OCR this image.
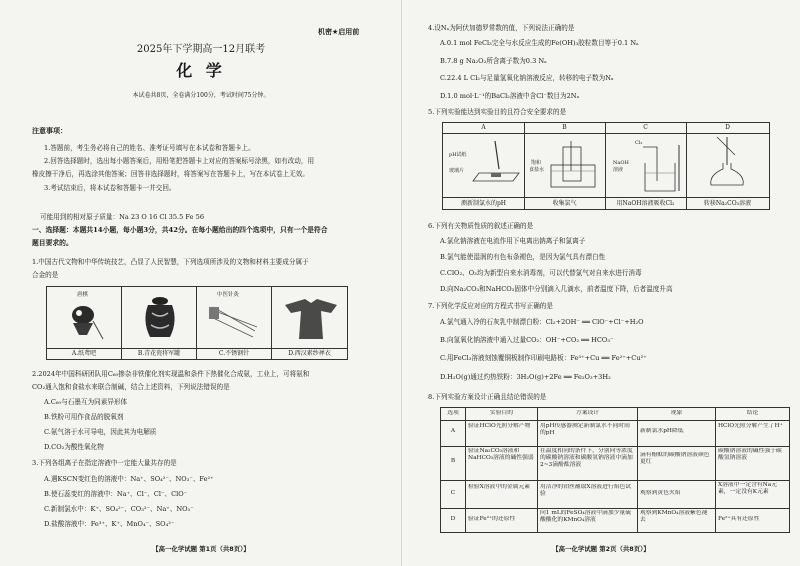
机密★启用前
2025年下学期高一12月联考
化 学
本试卷共8页，全卷满分100分，考试时间75分钟。
注意事项：
1.答题前，考生务必将自己的姓名、准考证号填写在本试卷和答题卡上。
2.回答选择题时，选出每小题答案后，用铅笔把答题卡上对应的答案标号涂黑，如有改动，用
橡皮擦干净后，再选涂其他答案；回答非选择题时，将答案写在答题卡上，写在本试卷上无效。
3.考试结束后，将本试卷和答题卡一并交回。
可能用到的相对原子质量：Na 23 O 16 Cl 35.5 Fe 56
一、选择题：本题共14小题，每小题3分，共42分。在每小题给出的四个选项中，只有一个是符合
题目要求的。
1.中国古代文物和中华传统技艺，凸显了人民智慧，下列选项所涉及的文物和材料主要成分属于
合金的是
唐棋	中医针灸
A.纸鸢吧	B.青花瓷将军罐	C.不锈钢针	D.西汉素纱禅衣
2.2024年中国科研团队用C₆₀掺杂非铁催化剂实现温和条件下热催化合成氨，工业上，可将氨和
CO₂通入饱和食盐水来联合制碱，结合上述资料，下列说法错误的是
A.C₆₀与石墨互为同素异形体
B.铁粉可用作食品的脱氧剂
C.氨气溶于水可导电，因此其为电解质
D.CO₂为酸性氧化物
3.下列各组离子在指定溶液中一定能大量共存的是
A.遇KSCN变红色的溶液中：Na⁺、SO₄²⁻、NO₃⁻、Fe²⁺
B.使石蕊变红的溶液中：Na⁺、Cl⁻、Cl⁻、ClO⁻
C.新制氯水中：K⁺、SO₄²⁻、CO₃²⁻、Na⁺、NO₃⁻
D.盐酸溶液中：Fe³⁺、K⁺、MnO₄⁻、SO₄²⁻
【高一化学试题 第1页（共8页）】
4.设Nₐ为阿伏加德罗常数的值，下列说法正确的是
A.0.1 mol FeCl₃完全与水反应生成的Fe(OH)₃胶粒数目等于0.1 Nₐ
B.7.8 g Na₂O₂所含离子数为0.3 Nₐ
C.22.4 L Cl₂与足量氢氧化钠溶液反应，转移的电子数为Nₐ
D.1.0 mol·L⁻¹的BaCl₂溶液中含Cl⁻数目为2Nₐ
5.下列实验能达到实验目的且符合安全要求的是
A	B	C	D
pH试纸
玻璃片
饱和
食盐水
Cl₂
NaOH
溶液
测新制氯水的pH	收集氯气	用NaOH溶液吸收Cl₂	转移Na₂CO₃溶液
6.下列有关物质性质的叙述正确的是
A.氯化钠溶液在电流作用下电离出钠离子和氯离子
B.氯气能使湿润的有色布条褪色，是因为氯气具有漂白性
C.ClO₂、O₃均为新型自来水消毒剂，可以代替氯气对自来水进行消毒
D.向Na₂CO₃和NaHCO₃固体中分别滴入几滴水，前者温度下降，后者温度升高
7.下列化学反应对应的方程式书写正确的是
A.氯气通入冷的石灰乳中制漂白粉：Cl₂+2OH⁻ ══ ClO⁻+Cl⁻+H₂O
B.向氢氧化钠溶液中通入过量CO₂：OH⁻+CO₂ ══ HCO₃⁻
C.用FeCl₃溶液刻蚀覆铜板制作印刷电路板：Fe³⁺+Cu ══ Fe²⁺+Cu²⁺
D.H₂O(g)通过灼热铁粉：3H₂O(g)+2Fe ══ Fe₂O₃+3H₂
8.下列实验方案设计正确且结论错误的是
选项	实验目的	方案设计	现象	结论
A
验证HClO光照分解产物	用pH传感器测定新制氯水不同时间的pH	新制氯水pH降低
HClO光照分解产生了H⁺
B
验证Na₂CO₃溶液和NaHCO₃溶液的碱性强弱
在温度相同的条件下，分别向等浓度的碳酸钠溶液和碳酸氢钠溶液中滴加2~3滴酚酞溶液
滴有酚酞的碳酸钠溶液颜色更红
碳酸钠溶液的碱性强于碳酸氢钠溶液
C
检验X溶液中的金属元素	用洁净的铂丝蘸取X溶液进行焰色试验	观察到黄色火焰
X溶液中一定含有Na元素，一定没有K元素
D	验证Fe²⁺的还原性
向1 mL的FeSO₄溶液中滴加少量硫酸酸化的KMnO₄溶液
观察到KMnO₄溶液紫色褪去	Fe²⁺具有还原性
【高一化学试题 第2页（共8页）】
